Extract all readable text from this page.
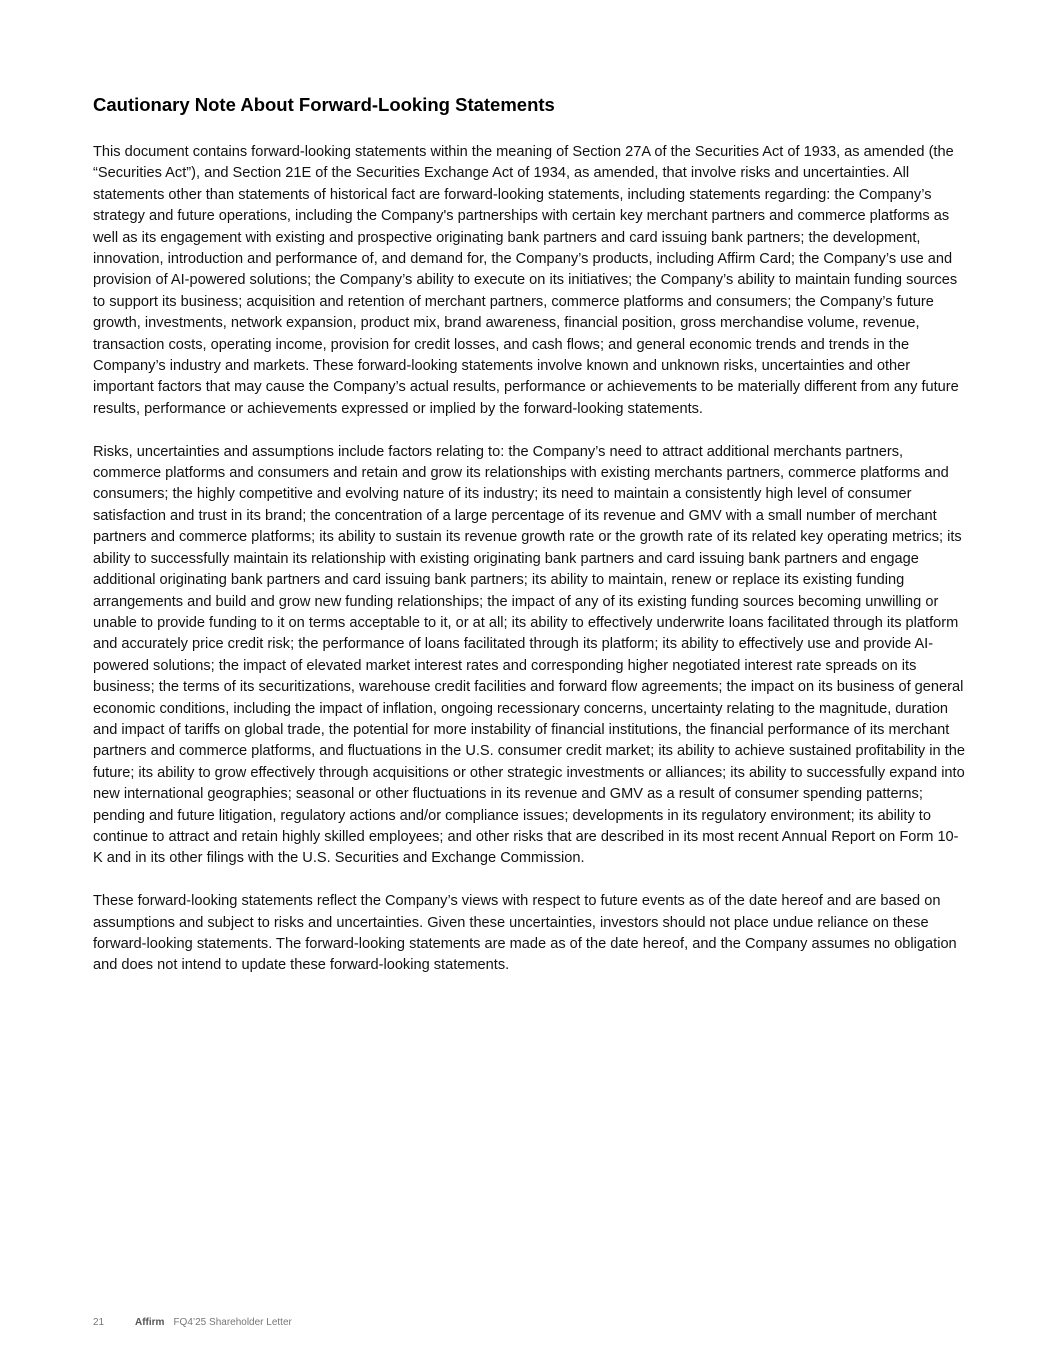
Cautionary Note About Forward-Looking Statements

This document contains forward-looking statements within the meaning of Section 27A of the Securities Act of 1933, as amended (the “Securities Act”), and Section 21E of the Securities Exchange Act of 1934, as amended, that involve risks and uncertainties. All statements other than statements of historical fact are forward-looking statements, including statements regarding: the Company’s strategy and future operations, including the Company's partnerships with certain key merchant partners and commerce platforms as well as its engagement with existing and prospective originating bank partners and card issuing bank partners; the development, innovation, introduction and performance of, and demand for, the Company’s products, including Affirm Card; the Company’s use and provision of AI-powered solutions; the Company’s ability to execute on its initiatives; the Company’s ability to maintain funding sources to support its business; acquisition and retention of merchant partners, commerce platforms and consumers; the Company’s future growth, investments, network expansion, product mix, brand awareness, financial position, gross merchandise volume, revenue, transaction costs, operating income, provision for credit losses, and cash flows; and general economic trends and trends in the Company’s industry and markets. These forward-looking statements involve known and unknown risks, uncertainties and other important factors that may cause the Company’s actual results, performance or achievements to be materially different from any future results, performance or achievements expressed or implied by the forward-looking statements.

Risks, uncertainties and assumptions include factors relating to: the Company’s need to attract additional merchants partners, commerce platforms and consumers and retain and grow its relationships with existing merchants partners, commerce platforms and consumers; the highly competitive and evolving nature of its industry; its need to maintain a consistently high level of consumer satisfaction and trust in its brand; the concentration of a large percentage of its revenue and GMV with a small number of merchant partners and commerce platforms; its ability to sustain its revenue growth rate or the growth rate of its related key operating metrics; its ability to successfully maintain its relationship with existing originating bank partners and card issuing bank partners and engage additional originating bank partners and card issuing bank partners; its ability to maintain, renew or replace its existing funding arrangements and build and grow new funding relationships; the impact of any of its existing funding sources becoming unwilling or unable to provide funding to it on terms acceptable to it, or at all; its ability to effectively underwrite loans facilitated through its platform and accurately price credit risk; the performance of loans facilitated through its platform; its ability to effectively use and provide AI-powered solutions; the impact of elevated market interest rates and corresponding higher negotiated interest rate spreads on its business; the terms of its securitizations, warehouse credit facilities and forward flow agreements; the impact on its business of general economic conditions, including the impact of inflation, ongoing recessionary concerns, uncertainty relating to the magnitude, duration and impact of tariffs on global trade, the potential for more instability of financial institutions, the financial performance of its merchant partners and commerce platforms, and fluctuations in the U.S. consumer credit market; its ability to achieve sustained profitability in the future; its ability to grow effectively through acquisitions or other strategic investments or alliances; its ability to successfully expand into new international geographies; seasonal or other fluctuations in its revenue and GMV as a result of consumer spending patterns; pending and future litigation, regulatory actions and/or compliance issues; developments in its regulatory environment; its ability to continue to attract and retain highly skilled employees; and other risks that are described in its most recent Annual Report on Form 10-K and in its other filings with the U.S. Securities and Exchange Commission.

These forward-looking statements reflect the Company’s views with respect to future events as of the date hereof and are based on assumptions and subject to risks and uncertainties. Given these uncertainties, investors should not place undue reliance on these forward-looking statements. The forward-looking statements are made as of the date hereof, and the Company assumes no obligation and does not intend to update these forward-looking statements.

21	Affirm FQ4’25 Shareholder Letter
